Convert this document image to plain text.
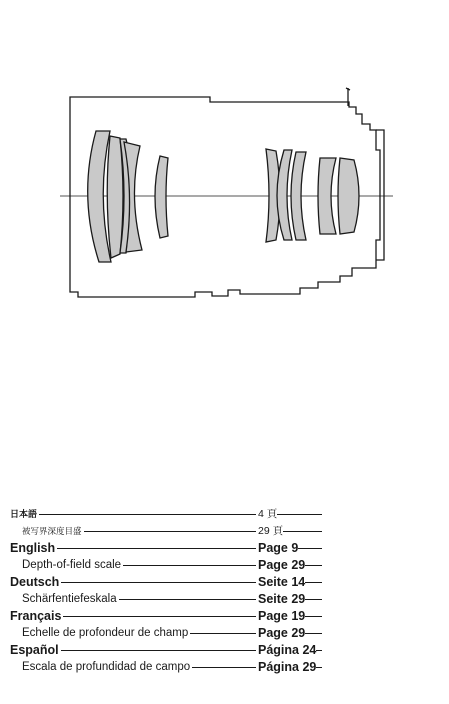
日本語	4 頁
被写界深度目盛	29 頁
English	Page 9
Depth-of-field scale	Page 29
Deutsch	Seite 14
Schärfentiefeskala	Seite 29
Français	Page 19
Echelle de profondeur de champ	Page 29
Español	Página 24
Escala de profundidad de campo	Página 29
